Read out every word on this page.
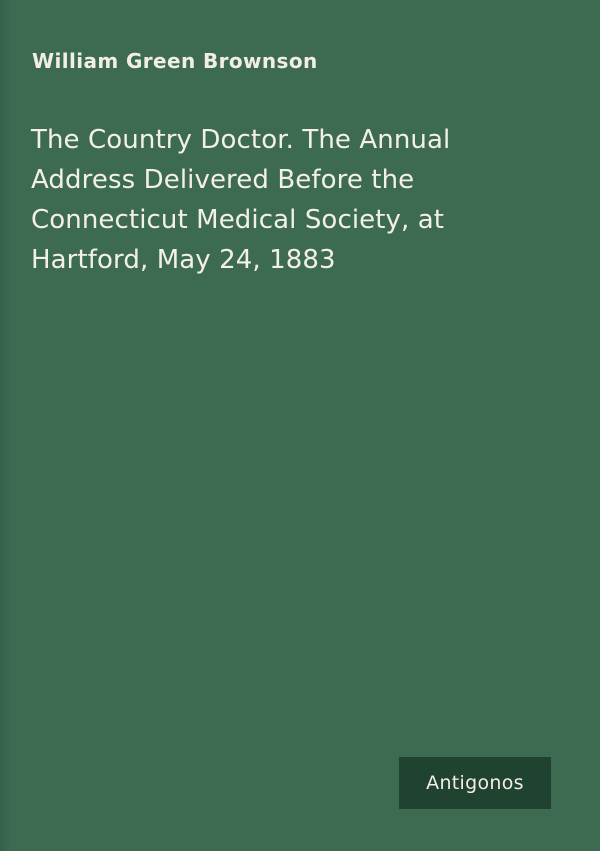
William Green Brownson
The Country Doctor. The Annual Address Delivered Before the Connecticut Medical Society, at Hartford, May 24, 1883
Antigonos
